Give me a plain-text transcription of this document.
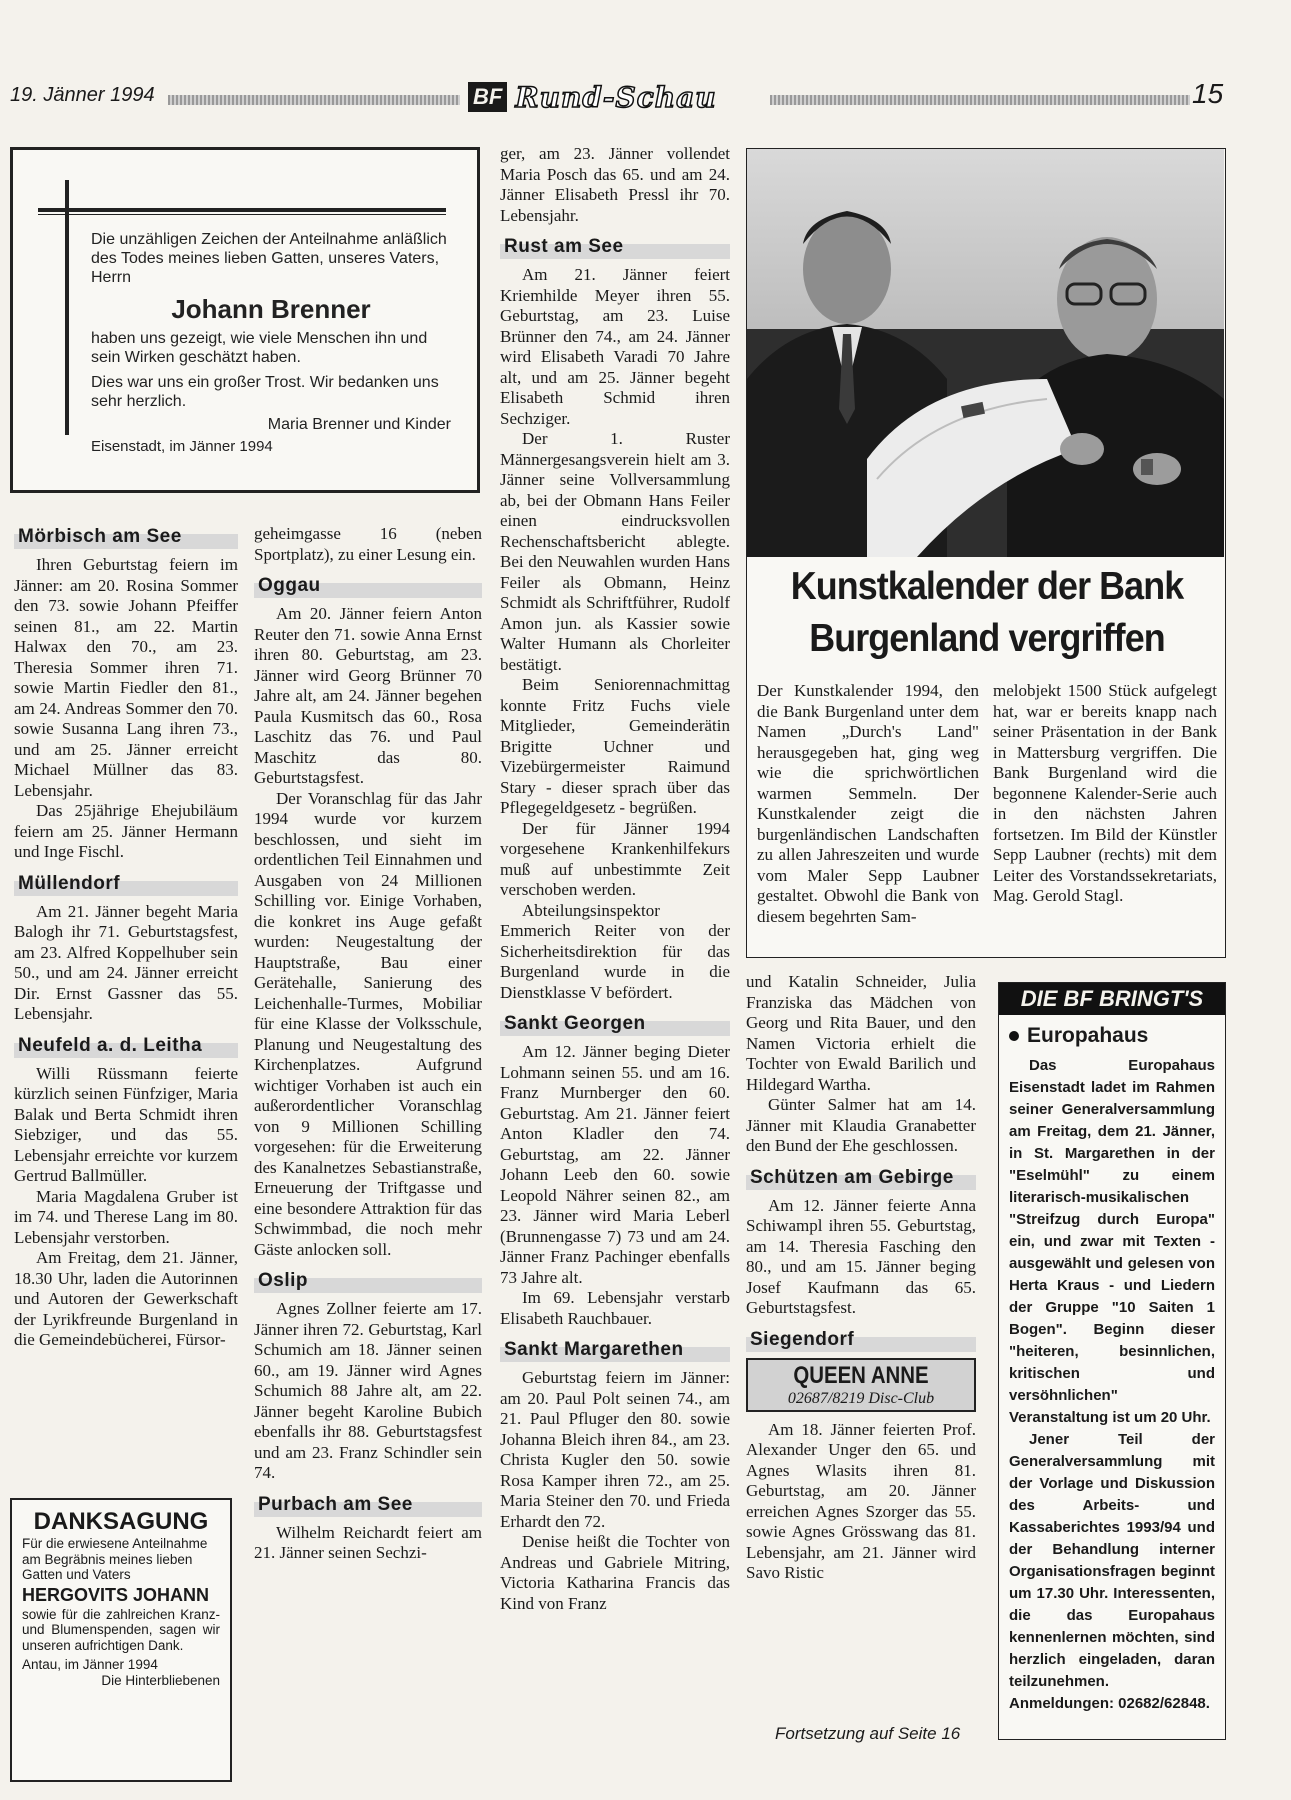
19. Jänner 1994	BF Rund-Schau	15

Die unzähligen Zeichen der Anteilnahme anläßlich des Todes meines lieben Gatten, unseres Vaters, Herrn

Johann Brenner

haben uns gezeigt, wie viele Menschen ihn und sein Wirken geschätzt haben.

Dies war uns ein großer Trost. Wir bedanken uns sehr herzlich.

Maria Brenner und Kinder

Eisenstadt, im Jänner 1994

Mörbisch am See

Ihren Geburtstag feiern im Jänner: am 20. Rosina Sommer den 73. sowie Johann Pfeiffer seinen 81., am 22. Martin Halwax den 70., am 23. Theresia Sommer ihren 71. sowie Martin Fiedler den 81., am 24. Andreas Sommer den 70. sowie Susanna Lang ihren 73., und am 25. Jänner erreicht Michael Müllner das 83. Lebensjahr.

Das 25jährige Ehejubiläum feiern am 25. Jänner Hermann und Inge Fischl.

Müllendorf

Am 21. Jänner begeht Maria Balogh ihr 71. Geburtstagsfest, am 23. Alfred Koppelhuber sein 50., und am 24. Jänner erreicht Dir. Ernst Gassner das 55. Lebensjahr.

Neufeld a. d. Leitha

Willi Rüssmann feierte kürzlich seinen Fünfziger, Maria Balak und Berta Schmidt ihren Siebziger, und das 55. Lebensjahr erreichte vor kurzem Gertrud Ballmüller.

Maria Magdalena Gruber ist im 74. und Therese Lang im 80. Lebensjahr verstorben.

Am Freitag, dem 21. Jänner, 18.30 Uhr, laden die Autorinnen und Autoren der Gewerkschaft der Lyrikfreunde Burgenland in die Gemeindebücherei, Fürsor-

DANKSAGUNG

Für die erwiesene Anteilnahme am Begräbnis meines lieben Gatten und Vaters

HERGOVITS JOHANN

sowie für die zahlreichen Kranz- und Blumenspenden, sagen wir unseren aufrichtigen Dank.

Antau, im Jänner 1994

Die Hinterbliebenen

geheimgasse 16 (neben Sportplatz), zu einer Lesung ein.

Oggau

Am 20. Jänner feiern Anton Reuter den 71. sowie Anna Ernst ihren 80. Geburtstag, am 23. Jänner wird Georg Brünner 70 Jahre alt, am 24. Jänner begehen Paula Kusmitsch das 60., Rosa Laschitz das 76. und Paul Maschitz das 80. Geburtstagsfest.

Der Voranschlag für das Jahr 1994 wurde vor kurzem beschlossen, und sieht im ordentlichen Teil Einnahmen und Ausgaben von 24 Millionen Schilling vor. Einige Vorhaben, die konkret ins Auge gefaßt wurden: Neugestaltung der Hauptstraße, Bau einer Gerätehalle, Sanierung des Leichenhalle-Turmes, Mobiliar für eine Klasse der Volksschule, Planung und Neugestaltung des Kirchenplatzes. Aufgrund wichtiger Vorhaben ist auch ein außerordentlicher Voranschlag von 9 Millionen Schilling vorgesehen: für die Erweiterung des Kanalnetzes Sebastianstraße, Erneuerung der Triftgasse und eine besondere Attraktion für das Schwimmbad, die noch mehr Gäste anlocken soll.

Oslip

Agnes Zollner feierte am 17. Jänner ihren 72. Geburtstag, Karl Schumich am 18. Jänner seinen 60., am 19. Jänner wird Agnes Schumich 88 Jahre alt, am 22. Jänner begeht Karoline Bubich ebenfalls ihr 88. Geburtstagsfest und am 23. Franz Schindler sein 74.

Purbach am See

Wilhelm Reichardt feiert am 21. Jänner seinen Sechzi-

ger, am 23. Jänner vollendet Maria Posch das 65. und am 24. Jänner Elisabeth Pressl ihr 70. Lebensjahr.

Rust am See

Am 21. Jänner feiert Kriemhilde Meyer ihren 55. Geburtstag, am 23. Luise Brünner den 74., am 24. Jänner wird Elisabeth Varadi 70 Jahre alt, und am 25. Jänner begeht Elisabeth Schmid ihren Sechziger.

Der 1. Ruster Männergesangsverein hielt am 3. Jänner seine Vollversammlung ab, bei der Obmann Hans Feiler einen eindrucksvollen Rechenschaftsbericht ablegte. Bei den Neuwahlen wurden Hans Feiler als Obmann, Heinz Schmidt als Schriftführer, Rudolf Amon jun. als Kassier sowie Walter Humann als Chorleiter bestätigt.

Beim Seniorennachmittag konnte Fritz Fuchs viele Mitglieder, Gemeinderätin Brigitte Uchner und Vizebürgermeister Raimund Stary - dieser sprach über das Pflegegeldgesetz - begrüßen.

Der für Jänner 1994 vorgesehene Krankenhilfekurs muß auf unbestimmte Zeit verschoben werden.

Abteilungsinspektor Emmerich Reiter von der Sicherheitsdirektion für das Burgenland wurde in die Dienstklasse V befördert.

Sankt Georgen

Am 12. Jänner beging Dieter Lohmann seinen 55. und am 16. Franz Murnberger den 60. Geburtstag. Am 21. Jänner feiert Anton Kladler den 74. Geburtstag, am 22. Jänner Johann Leeb den 60. sowie Leopold Nährer seinen 82., am 23. Jänner wird Maria Leberl (Brunnengasse 7) 73 und am 24. Jänner Franz Pachinger ebenfalls 73 Jahre alt.

Im 69. Lebensjahr verstarb Elisabeth Rauchbauer.

Sankt Margarethen

Geburtstag feiern im Jänner: am 20. Paul Polt seinen 74., am 21. Paul Pfluger den 80. sowie Johanna Bleich ihren 84., am 23. Christa Kugler den 50. sowie Rosa Kamper ihren 72., am 25. Maria Steiner den 70. und Frieda Erhardt den 72.

Denise heißt die Tochter von Andreas und Gabriele Mitring, Victoria Katharina Francis das Kind von Franz

Kunstkalender der Bank Burgenland vergriffen

Der Kunstkalender 1994, den die Bank Burgenland unter dem Namen „Durch's Land" herausgegeben hat, ging weg wie die sprichwörtlichen warmen Semmeln. Der Kunstkalender zeigt die burgenländischen Landschaften zu allen Jahreszeiten und wurde vom Maler Sepp Laubner gestaltet. Obwohl die Bank von diesem begehrten Sam-

melobjekt 1500 Stück aufgelegt hat, war er bereits knapp nach seiner Präsentation in der Bank in Mattersburg vergriffen. Die Bank Burgenland wird die begonnene Kalender-Serie auch in den nächsten Jahren fortsetzen. Im Bild der Künstler Sepp Laubner (rechts) mit dem Leiter des Vorstandssekretariats, Mag. Gerold Stagl.

und Katalin Schneider, Julia Franziska das Mädchen von Georg und Rita Bauer, und den Namen Victoria erhielt die Tochter von Ewald Barilich und Hildegard Wartha.

Günter Salmer hat am 14. Jänner mit Klaudia Granabetter den Bund der Ehe geschlossen.

Schützen am Gebirge

Am 12. Jänner feierte Anna Schiwampl ihren 55. Geburtstag, am 14. Theresia Fasching den 80., und am 15. Jänner beging Josef Kaufmann das 65. Geburtstagsfest.

Siegendorf

QUEEN ANNE

02687/8219 Disc-Club

Am 18. Jänner feierten Prof. Alexander Unger den 65. und Agnes Wlasits ihren 81. Geburtstag, am 20. Jänner erreichen Agnes Szorger das 55. sowie Agnes Grösswang das 81. Lebensjahr, am 21. Jänner wird Savo Ristic

Fortsetzung auf Seite 16
DIE BF BRINGT'S

Europahaus

Das Europahaus Eisenstadt ladet im Rahmen seiner Generalversammlung am Freitag, dem 21. Jänner, in St. Margarethen in der "Eselmühl" zu einem literarisch-musikalischen "Streifzug durch Europa" ein, und zwar mit Texten - ausgewählt und gelesen von Herta Kraus - und Liedern der Gruppe "10 Saiten 1 Bogen". Beginn dieser "heiteren, besinnlichen, kritischen und versöhnlichen" Veranstaltung ist um 20 Uhr.

Jener Teil der Generalversammlung mit der Vorlage und Diskussion des Arbeits- und Kassaberichtes 1993/94 und der Behandlung interner Organisationsfragen beginnt um 17.30 Uhr. Interessenten, die das Europahaus kennenlernen möchten, sind herzlich eingeladen, daran teilzunehmen. Anmeldungen: 02682/62848.
